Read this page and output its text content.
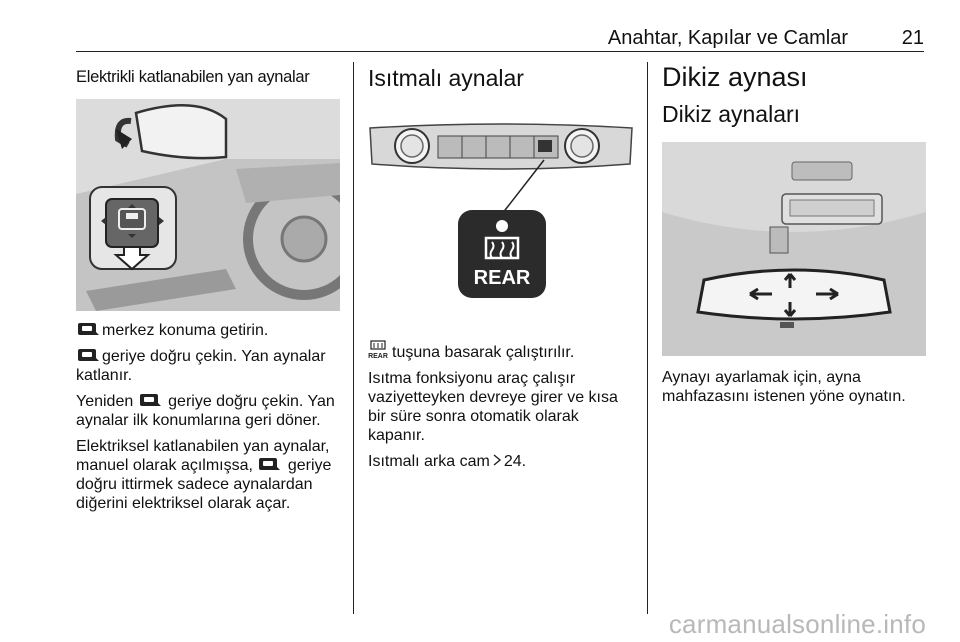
Anahtar, Kapılar ve Camlar	21
Elektrikli katlanabilen yan aynalar

merkez konuma getirin.

geriye doğru çekin. Yan aynalar katlanır.

Yeniden geriye doğru çekin. Yan aynalar ilk konumlarına geri döner.

Elektriksel katlanabilen yan aynalar, manuel olarak açılmışsa, geriye doğru ittirmek sadece aynalardan diğerini elektriksel olarak açar.

Isıtmalı aynalar
REAR

REAR tuşuna basarak çalıştırılır.

Isıtma fonksiyonu araç çalışır vaziyetteyken devreye girer ve kısa bir süre sonra otomatik olarak kapanır.

Isıtmalı arka cam 24.

Dikiz aynası
Dikiz aynaları

Aynayı ayarlamak için, ayna mahfazasını istenen yöne oynatın.

carmanualsonline.info
